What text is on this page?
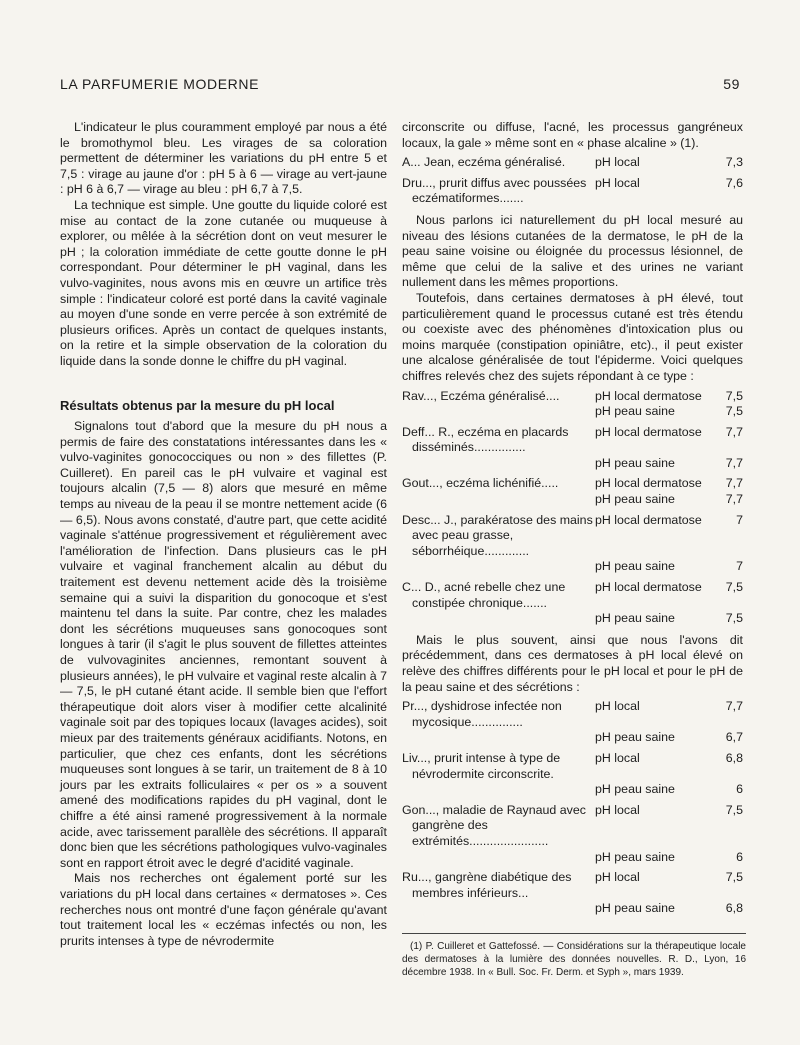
LA PARFUMERIE MODERNE	59

L'indicateur le plus couramment employé par nous a été le bromothymol bleu. Les virages de sa coloration permettent de déterminer les variations du pH entre 5 et 7,5 : virage au jaune d'or : pH 5 à 6 — virage au vert-jaune : pH 6 à 6,7 — virage au bleu : pH 6,7 à 7,5.

La technique est simple. Une goutte du liquide coloré est mise au contact de la zone cutanée ou muqueuse à explorer, ou mêlée à la sécrétion dont on veut mesurer le pH ; la coloration immédiate de cette goutte donne le pH correspondant. Pour déterminer le pH vaginal, dans les vulvo-vaginites, nous avons mis en œuvre un artifice très simple : l'indicateur coloré est porté dans la cavité vaginale au moyen d'une sonde en verre percée à son extrémité de plusieurs orifices. Après un contact de quelques instants, on la retire et la simple observation de la coloration du liquide dans la sonde donne le chiffre du pH vaginal.

Résultats obtenus par la mesure du pH local

Signalons tout d'abord que la mesure du pH nous a permis de faire des constatations intéressantes dans les « vulvo-vaginites gonococciques ou non » des fillettes (P. Cuilleret). En pareil cas le pH vulvaire et vaginal est toujours alcalin (7,5 — 8) alors que mesuré en même temps au niveau de la peau il se montre nettement acide (6 — 6,5). Nous avons constaté, d'autre part, que cette acidité vaginale s'atténue progressivement et régulièrement avec l'amélioration de l'infection. Dans plusieurs cas le pH vulvaire et vaginal franchement alcalin au début du traitement est devenu nettement acide dès la troisième semaine qui a suivi la disparition du gonocoque et s'est maintenu tel dans la suite. Par contre, chez les malades dont les sécrétions muqueuses sans gonocoques sont longues à tarir (il s'agit le plus souvent de fillettes atteintes de vulvovaginites anciennes, remontant souvent à plusieurs années), le pH vulvaire et vaginal reste alcalin à 7 — 7,5, le pH cutané étant acide. Il semble bien que l'effort thérapeutique doit alors viser à modifier cette alcalinité vaginale soit par des topiques locaux (lavages acides), soit mieux par des traitements généraux acidifiants. Notons, en particulier, que chez ces enfants, dont les sécrétions muqueuses sont longues à se tarir, un traitement de 8 à 10 jours par les extraits folliculaires « per os » a souvent amené des modifications rapides du pH vaginal, dont le chiffre a été ainsi ramené progressivement à la normale acide, avec tarissement parallèle des sécrétions. Il apparaît donc bien que les sécrétions pathologiques vulvo-vaginales sont en rapport étroit avec le degré d'acidité vaginale.

Mais nos recherches ont également porté sur les variations du pH local dans certaines « dermatoses ». Ces recherches nous ont montré d'une façon générale qu'avant tout traitement local les « eczémas infectés ou non, les prurits intenses à type de névrodermite

circonscrite ou diffuse, l'acné, les processus gangréneux locaux, la gale » même sont en « phase alcaline » (1).

A... Jean, eczéma généralisé.	pH local	7,3
Dru..., prurit diffus avec poussées eczématiformes.......
pH local	7,6

Nous parlons ici naturellement du pH local mesuré au niveau des lésions cutanées de la dermatose, le pH de la peau saine voisine ou éloignée du processus lésionnel, de même que celui de la salive et des urines ne variant nullement dans les mêmes proportions.

Toutefois, dans certaines dermatoses à pH élevé, tout particulièrement quand le processus cutané est très étendu ou coexiste avec des phénomènes d'intoxication plus ou moins marquée (constipation opiniâtre, etc)., il peut exister une alcalose généralisée de tout l'épiderme. Voici quelques chiffres relevés chez des sujets répondant à ce type :

Rav..., Eczéma généralisé....	pH local dermatose	7,5
pH peau saine	7,5
Deff... R., eczéma en placards disséminés...............
pH local dermatose	7,7
pH peau saine	7,7
Gout..., eczéma lichénifié.....	pH local dermatose	7,7
pH peau saine	7,7
Desc... J., parakératose des mains avec peau grasse, séborrhéique.............
pH local dermatose	7
pH peau saine	7
C... D., acné rebelle chez une constipée chronique.......
pH local dermatose	7,5
pH peau saine	7,5

Mais le plus souvent, ainsi que nous l'avons dit précédemment, dans ces dermatoses à pH local élevé on relève des chiffres différents pour le pH local et pour le pH de la peau saine et des sécrétions :

Pr..., dyshidrose infectée non mycosique...............
pH local	7,7
pH peau saine	6,7
Liv..., prurit intense à type de névrodermite circonscrite.
pH local	6,8
pH peau saine	6
Gon..., maladie de Raynaud avec gangrène des extrémités.......................
pH local	7,5
pH peau saine	6
Ru..., gangrène diabétique des membres inférieurs...
pH local	7,5
pH peau saine	6,8

(1) P. Cuilleret et Gattefossé. — Considérations sur la thérapeutique locale des dermatoses à la lumière des données nouvelles. R. D., Lyon, 16 décembre 1938. In « Bull. Soc. Fr. Derm. et Syph », mars 1939.
